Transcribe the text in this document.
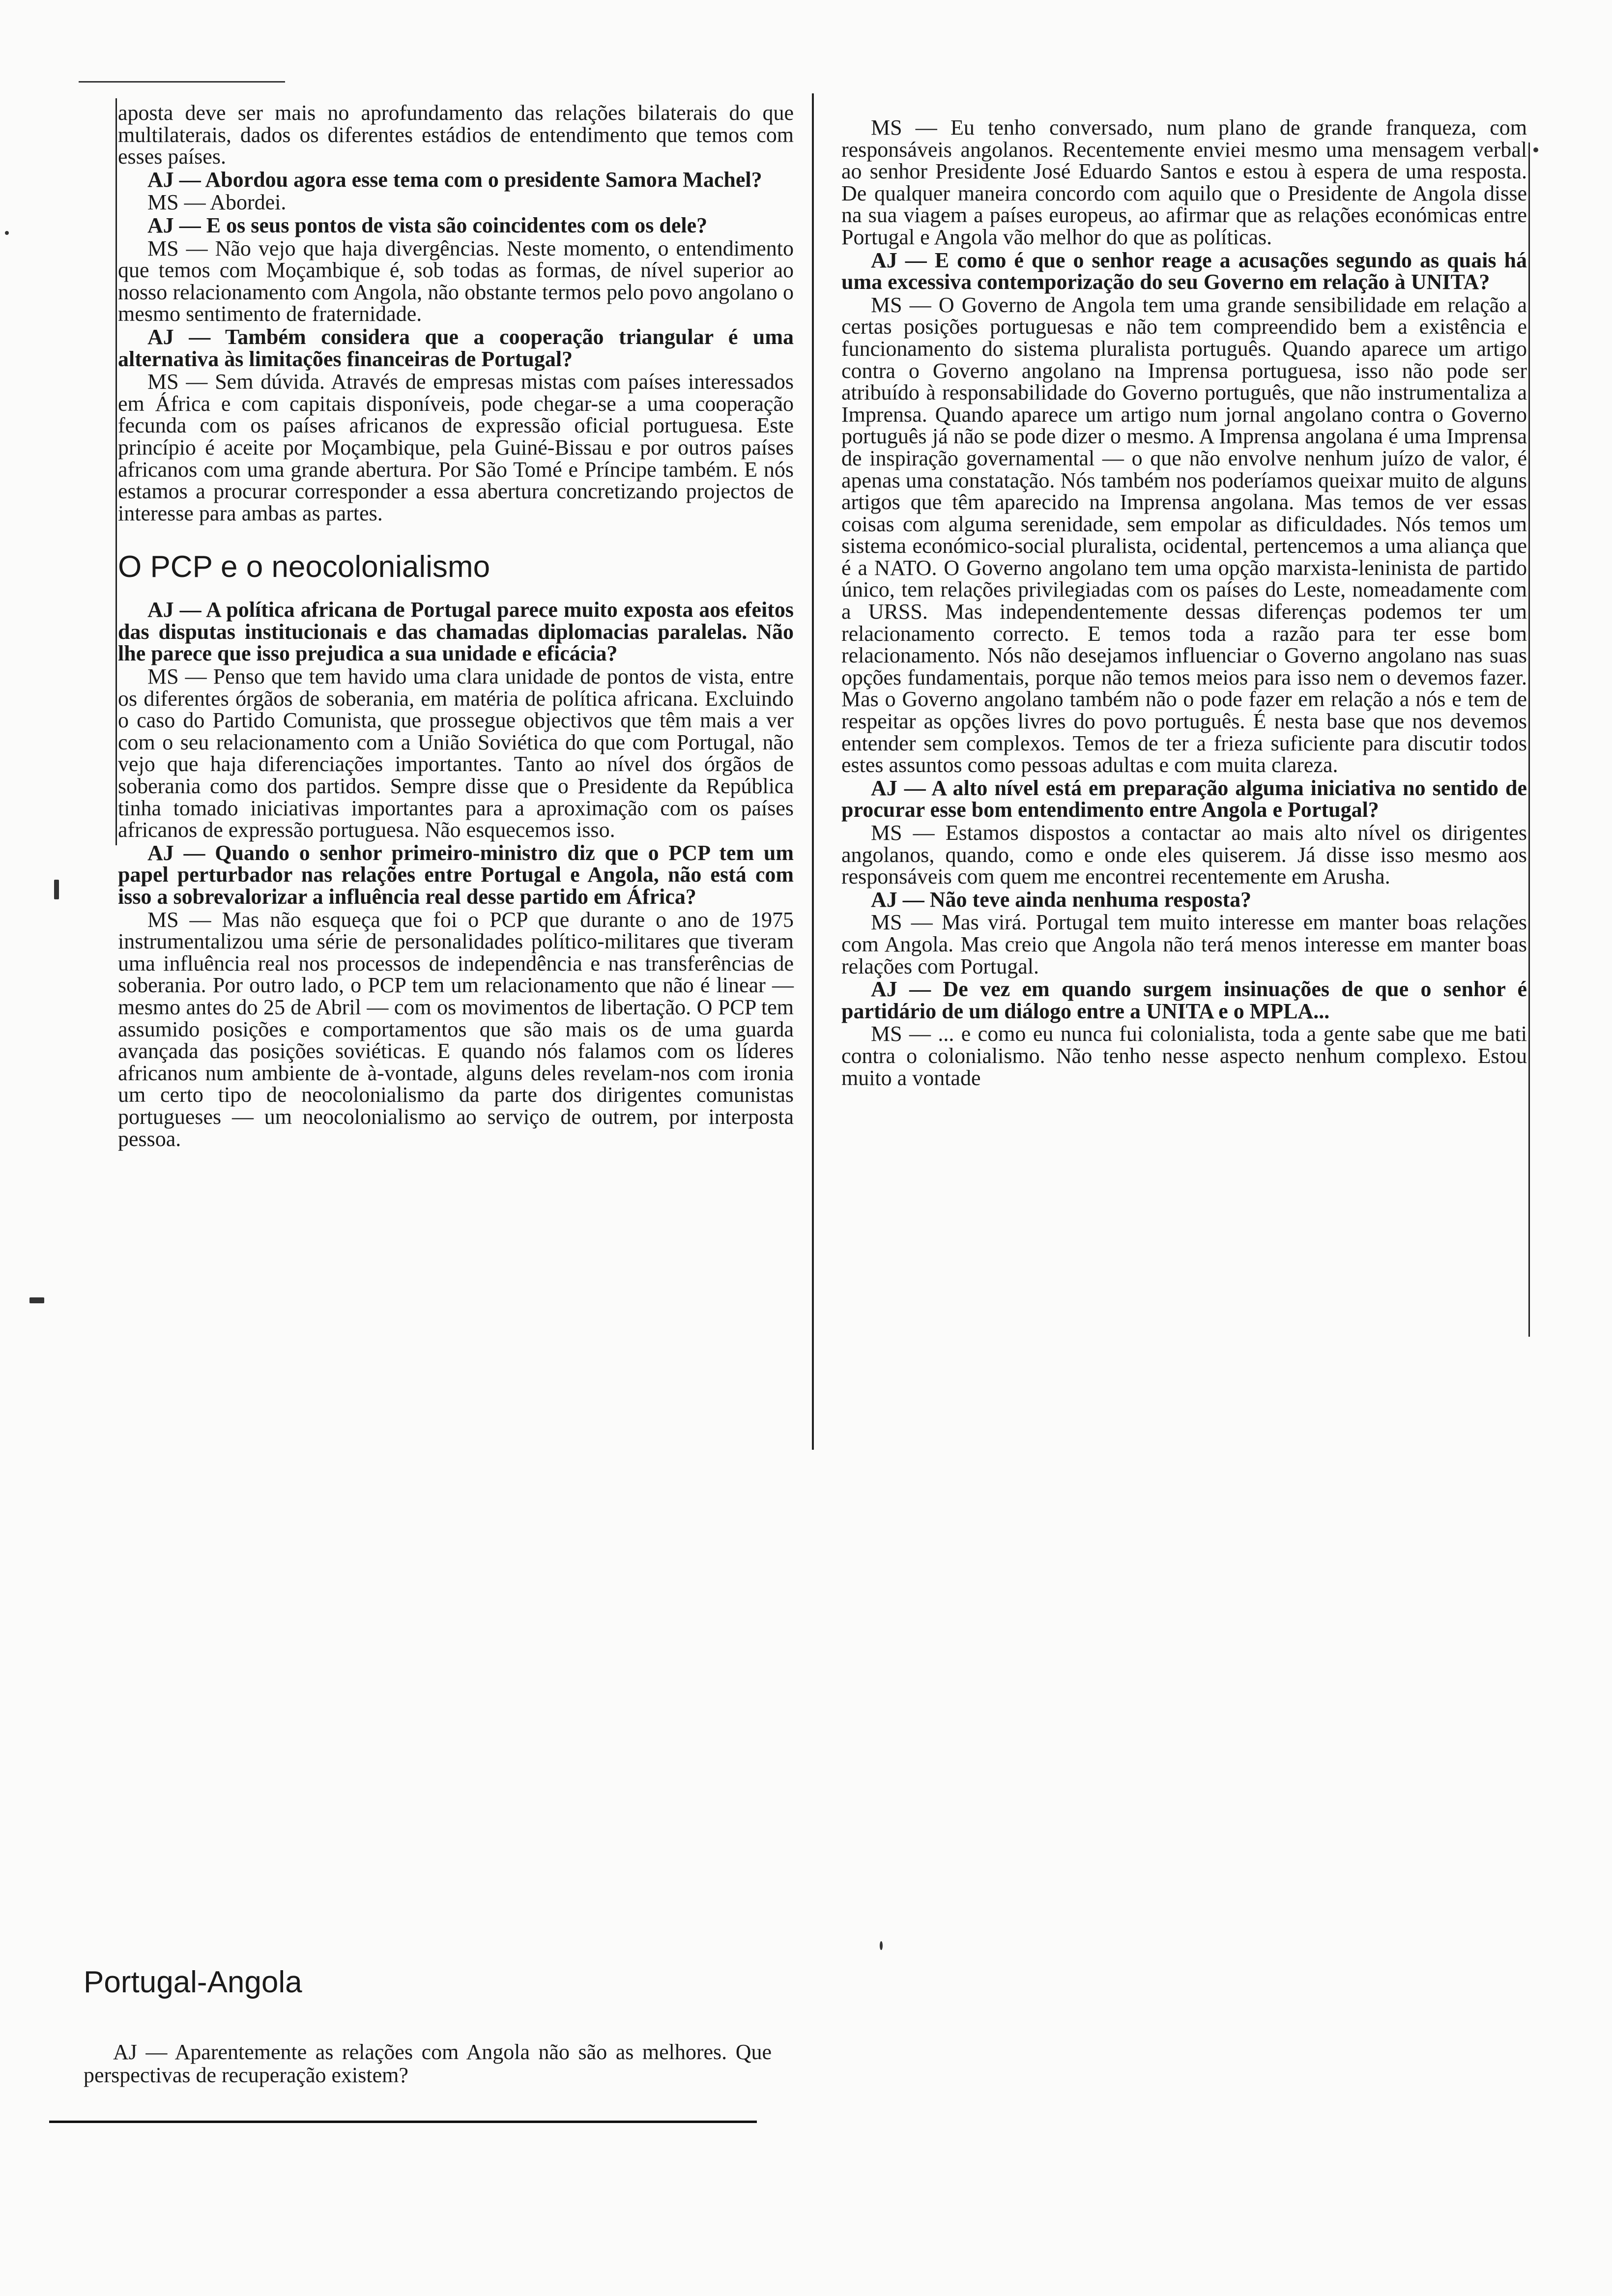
aposta deve ser mais no aprofundamento das relações bilaterais do que multilaterais, dados os diferentes estádios de entendimento que temos com esses países.

AJ — Abordou agora esse tema com o presidente Samora Machel?

MS — Abordei.

AJ — E os seus pontos de vista são coincidentes com os dele?

MS — Não vejo que haja divergências. Neste momento, o entendimento que temos com Moçambique é, sob todas as formas, de nível superior ao nosso relacionamento com Angola, não obstante termos pelo povo angolano o mesmo sentimento de fraternidade.

AJ — Também considera que a cooperação triangular é uma alternativa às limitações financeiras de Portugal?

MS — Sem dúvida. Através de empresas mistas com países interessados em África e com capitais disponíveis, pode chegar-se a uma cooperação fecunda com os países africanos de expressão oficial portuguesa. Este princípio é aceite por Moçambique, pela Guiné-Bissau e por outros países africanos com uma grande abertura. Por São Tomé e Príncipe também. E nós estamos a procurar corresponder a essa abertura concretizando projectos de interesse para ambas as partes.

O PCP e o neocolonialismo

AJ — A política africana de Portugal parece muito exposta aos efeitos das disputas institucionais e das chamadas diplomacias paralelas. Não lhe parece que isso prejudica a sua unidade e eficácia?

MS — Penso que tem havido uma clara unidade de pontos de vista, entre os diferentes órgãos de soberania, em matéria de política africana. Excluindo o caso do Partido Comunista, que prossegue objectivos que têm mais a ver com o seu relacionamento com a União Soviética do que com Portugal, não vejo que haja diferenciações importantes. Tanto ao nível dos órgãos de soberania como dos partidos. Sempre disse que o Presidente da República tinha tomado iniciativas importantes para a aproximação com os países africanos de expressão portuguesa. Não esquecemos isso.

AJ — Quando o senhor primeiro-ministro diz que o PCP tem um papel perturbador nas relações entre Portugal e Angola, não está com isso a sobrevalorizar a influência real desse partido em África?

MS — Mas não esqueça que foi o PCP que durante o ano de 1975 instrumentalizou uma série de personalidades político-militares que tiveram uma influência real nos processos de independência e nas transferências de soberania. Por outro lado, o PCP tem um relacionamento que não é linear — mesmo antes do 25 de Abril — com os movimentos de libertação. O PCP tem assumido posições e comportamentos que são mais os de uma guarda avançada das posições soviéticas. E quando nós falamos com os líderes africanos num ambiente de à-vontade, alguns deles revelam-nos com ironia um certo tipo de neocolonialismo da parte dos dirigentes comunistas portugueses — um neocolonialismo ao serviço de outrem, por interposta pessoa.

MS — Eu tenho conversado, num plano de grande franqueza, com responsáveis angolanos. Recentemente enviei mesmo uma mensagem verbal ao senhor Presidente José Eduardo Santos e estou à espera de uma resposta. De qualquer maneira concordo com aquilo que o Presidente de Angola disse na sua viagem a países europeus, ao afirmar que as relações económicas entre Portugal e Angola vão melhor do que as políticas.

AJ — E como é que o senhor reage a acusações segundo as quais há uma excessiva contemporização do seu Governo em relação à UNITA?

MS — O Governo de Angola tem uma grande sensibilidade em relação a certas posições portuguesas e não tem compreendido bem a existência e funcionamento do sistema pluralista português. Quando aparece um artigo contra o Governo angolano na Imprensa portuguesa, isso não pode ser atribuído à responsabilidade do Governo português, que não instrumentaliza a Imprensa. Quando aparece um artigo num jornal angolano contra o Governo português já não se pode dizer o mesmo. A Imprensa angolana é uma Imprensa de inspiração governamental — o que não envolve nenhum juízo de valor, é apenas uma constatação. Nós também nos poderíamos queixar muito de alguns artigos que têm aparecido na Imprensa angolana. Mas temos de ver essas coisas com alguma serenidade, sem empolar as dificuldades. Nós temos um sistema económico-social pluralista, ocidental, pertencemos a uma aliança que é a NATO. O Governo angolano tem uma opção marxista-leninista de partido único, tem relações privilegiadas com os países do Leste, nomeadamente com a URSS. Mas independentemente dessas diferenças podemos ter um relacionamento correcto. E temos toda a razão para ter esse bom relacionamento. Nós não desejamos influenciar o Governo angolano nas suas opções fundamentais, porque não temos meios para isso nem o devemos fazer. Mas o Governo angolano também não o pode fazer em relação a nós e tem de respeitar as opções livres do povo português. É nesta base que nos devemos entender sem complexos. Temos de ter a frieza suficiente para discutir todos estes assuntos como pessoas adultas e com muita clareza.

AJ — A alto nível está em preparação alguma iniciativa no sentido de procurar esse bom entendimento entre Angola e Portugal?

MS — Estamos dispostos a contactar ao mais alto nível os dirigentes angolanos, quando, como e onde eles quiserem. Já disse isso mesmo aos responsáveis com quem me encontrei recentemente em Arusha.

AJ — Não teve ainda nenhuma resposta?

MS — Mas virá. Portugal tem muito interesse em manter boas relações com Angola. Mas creio que Angola não terá menos interesse em manter boas relações com Portugal.

AJ — De vez em quando surgem insinuações de que o senhor é partidário de um diálogo entre a UNITA e o MPLA...

MS — ... e como eu nunca fui colonialista, toda a gente sabe que me bati contra o colonialismo. Não tenho nesse aspecto nenhum complexo. Estou muito a vontade

Portugal-Angola

AJ — Aparentemente as relações com Angola não são as melhores. Que perspectivas de recuperação existem?
